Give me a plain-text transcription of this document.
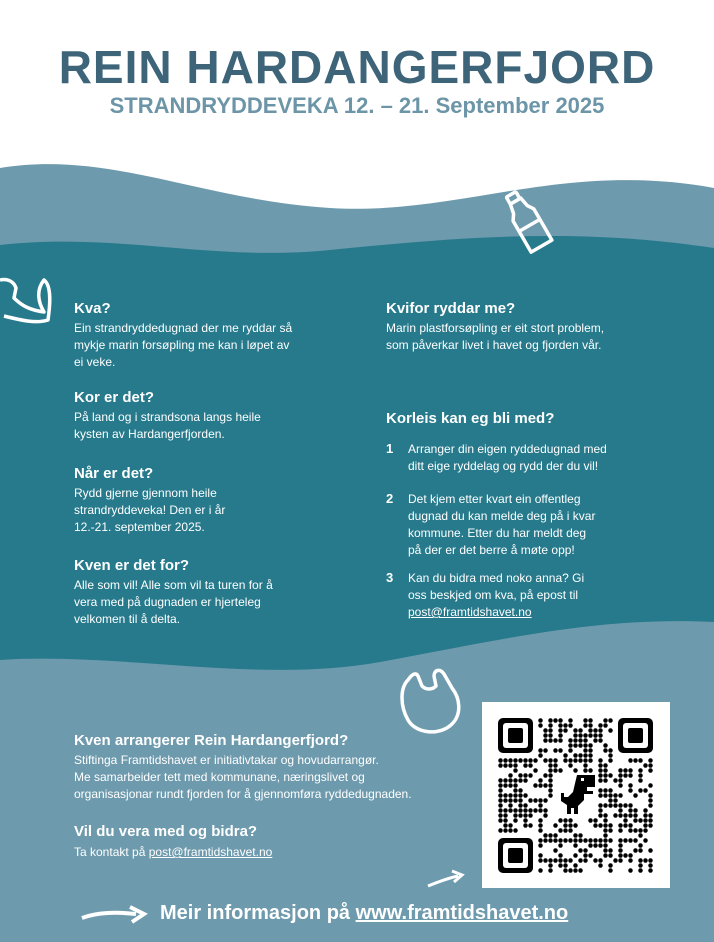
REIN HARDANGERFJORD
STRANDRYDDEVEKA 12. – 21. September 2025
Kva?
Ein strandryddedugnad der me ryddar så
mykje marin forsøpling me kan i løpet av
ei veke.
Kor er det?
På land og i strandsona langs heile
kysten av Hardangerfjorden.
Når er det?
Rydd gjerne gjennom heile
strandryddeveka! Den er i år
12.-21. september 2025.
Kven er det for?
Alle som vil! Alle som vil ta turen for å
vera med på dugnaden er hjerteleg
velkomen til å delta.
Kvifor ryddar me?
Marin plastforsøpling er eit stort problem,
som påverkar livet i havet og fjorden vår.
Korleis kan eg bli med?
1 Arranger din eigen ryddedugnad med
ditt eige ryddelag og rydd der du vil!
2 Det kjem etter kvart ein offentleg
dugnad du kan melde deg på i kvar
kommune. Etter du har meldt deg
på der er det berre å møte opp!
3 Kan du bidra med noko anna? Gi
oss beskjed om kva, på epost til
post@framtidshavet.no
Kven arrangerer Rein Hardangerfjord?
Stiftinga Framtidshavet er initiativtakar og hovudarrangør.
Me samarbeider tett med kommunane, næringslivet og
organisasjonar rundt fjorden for å gjennomføra ryddedugnaden.
Vil du vera med og bidra?
Ta kontakt på post@framtidshavet.no
Meir informasjon på www.framtidshavet.no
